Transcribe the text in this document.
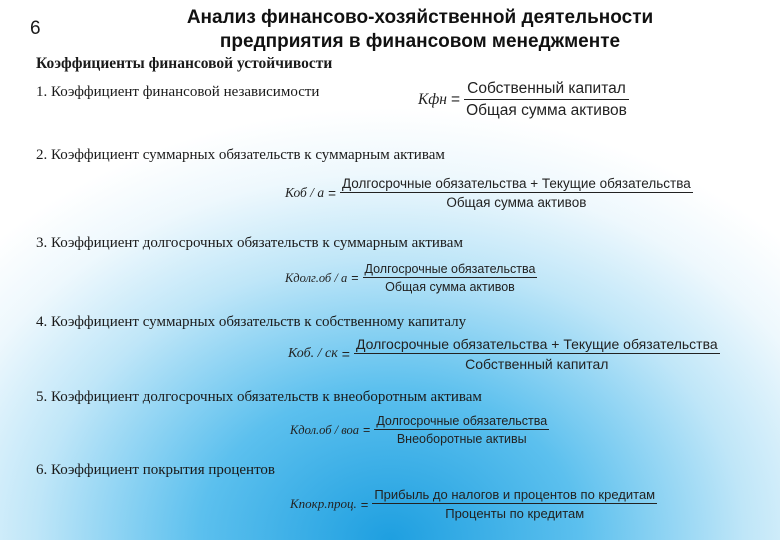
6
Анализ финансово-хозяйственной деятельности
предприятия в финансовом менеджменте
Коэффициенты финансовой устойчивости
1. Коэффициент финансовой независимости	Кфн = $\frac{\text{Собственный капитал}}{\text{Общая сумма активов}}$
2. Коэффициент суммарных обязательств к суммарным активам
Коб / $а = \frac{\text{Долгосрочные обязательства + Текущие обязательства}}{\text{Общая сумма активов}}$
3. Коэффициент долгосрочных обязательств к суммарным активам
Кдолг.об / $а = \frac{\text{Долгосрочные обязательства}}{\text{Общая сумма активов}}$
4. Коэффициент суммарных обязательств к собственному капиталу
Коб. / ск = $\frac{\text{Долгосрочные обязательства + Текущие обязательства}}{\text{Собственный капитал}}$
5. Коэффициент долгосрочных обязательств к внеоборотным активам
Кдол.об / воа = $\frac{\text{Долгосрочные обязательства}}{\text{Внеоборотные активы}}$
6. Коэффициент покрытия процентов
Кпокр.проц. = $\frac{\text{Прибыль до налогов и процентов по кредитам}}{\text{Проценты по кредитам}}$
